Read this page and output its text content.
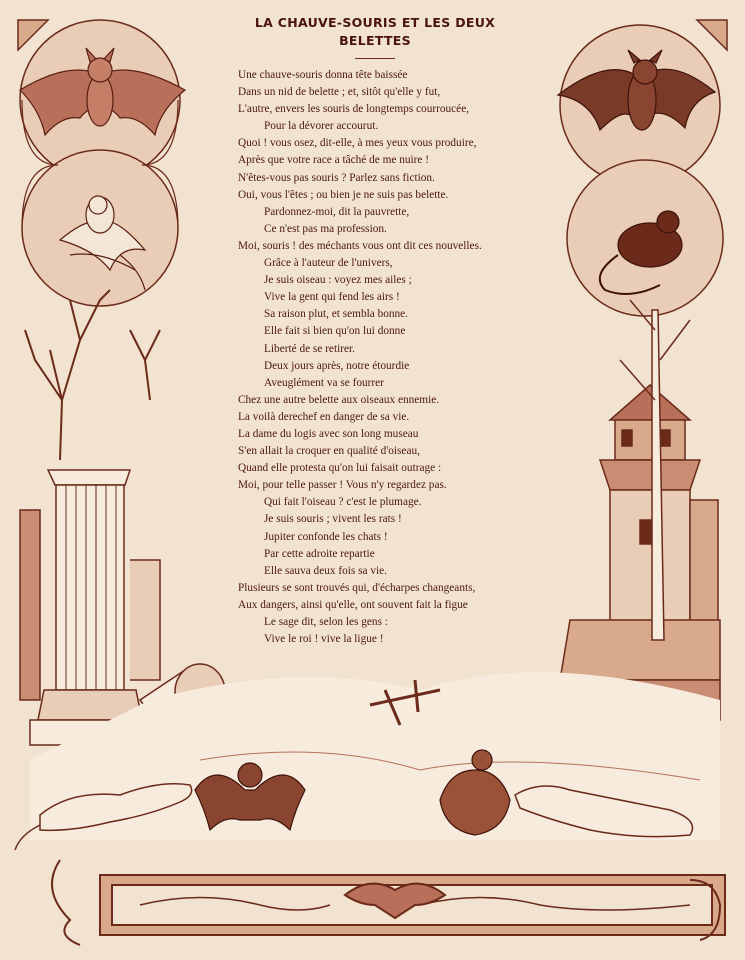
LA CHAUVE-SOURIS ET LES DEUX BELETTES
Une chauve-souris donna tête baissée
Dans un nid de belette ; et, sitôt qu'elle y fut,
L'autre, envers les souris de longtemps courroucée,
Pour la dévorer accourut.
Quoi ! vous osez, dit-elle, à mes yeux vous produire,
Après que votre race a tâché de me nuire !
N'êtes-vous pas souris ? Parlez sans fiction.
Oui, vous l'êtes ; ou bien je ne suis pas belette.
Pardonnez-moi, dit la pauvrette,
Ce n'est pas ma profession.
Moi, souris ! des méchants vous ont dit ces nouvelles.
Grâce à l'auteur de l'univers,
Je suis oiseau : voyez mes ailes ;
Vive la gent qui fend les airs !
Sa raison plut, et sembla bonne.
Elle fait si bien qu'on lui donne
Liberté de se retirer.
Deux jours après, notre étourdie
Aveuglément va se fourrer
Chez une autre belette aux oiseaux ennemie.
La voilà derechef en danger de sa vie.
La dame du logis avec son long museau
S'en allait la croquer en qualité d'oiseau,
Quand elle protesta qu'on lui faisait outrage :
Moi, pour telle passer ! Vous n'y regardez pas.
Qui fait l'oiseau ? c'est le plumage.
Je suis souris ; vivent les rats !
Jupiter confonde les chats !
Par cette adroite repartie
Elle sauva deux fois sa vie.
Plusieurs se sont trouvés qui, d'écharpes changeants,
Aux dangers, ainsi qu'elle, ont souvent fait la figue
Le sage dit, selon les gens :
Vive le roi ! vive la ligue !
